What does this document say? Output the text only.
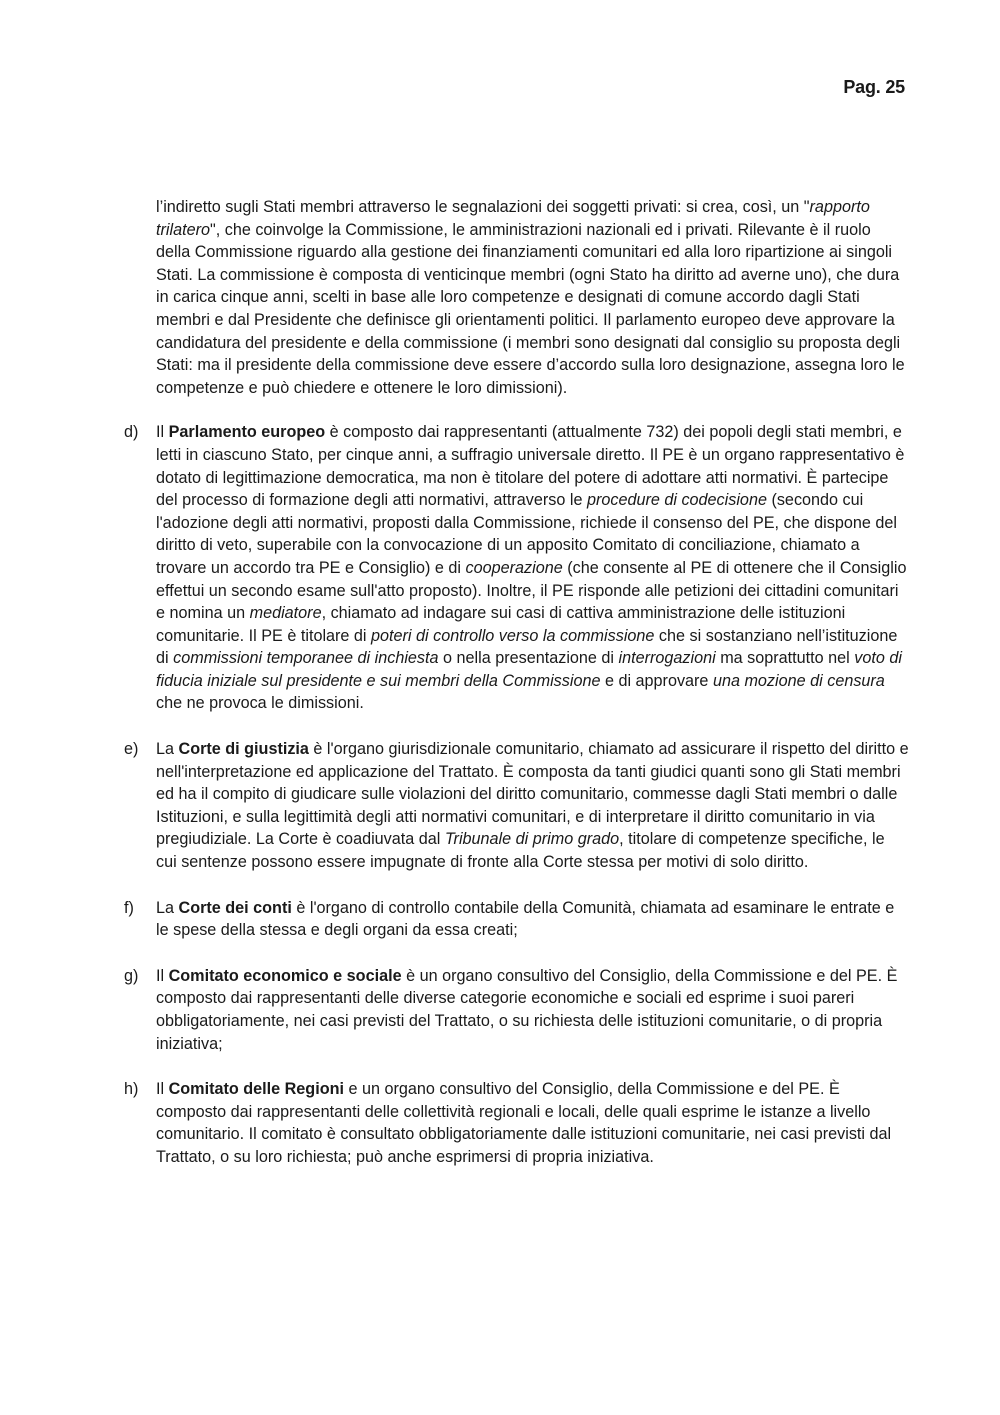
Pag. 25

l’indiretto sugli Stati membri attraverso le segnalazioni dei soggetti privati: si crea, così, un "rapporto trilatero", che coinvolge la Commissione, le amministrazioni nazionali ed i privati. Rilevante è il ruolo della Commissione riguardo alla gestione dei finanziamenti comunitari ed alla loro ripartizione ai singoli Stati. La commissione è composta di venticinque membri (ogni Stato ha diritto ad averne uno), che dura in carica cinque anni, scelti in base alle loro competenze e designati di comune accordo dagli Stati membri e dal Presidente che definisce gli orientamenti politici. Il parlamento europeo deve approvare la candidatura del presidente e della commissione (i membri sono designati dal consiglio su proposta degli Stati: ma il presidente della commissione deve essere d’accordo sulla loro designazione, assegna loro le competenze e può chiedere e ottenere le loro dimissioni).

d) Il Parlamento europeo è composto dai rappresentanti (attualmente 732) dei popoli degli stati membri, e letti in ciascuno Stato, per cinque anni, a suffragio universale diretto. Il PE è un organo rappresentativo è dotato di legittimazione democratica, ma non è titolare del potere di adottare atti normativi. È partecipe del processo di formazione degli atti normativi, attraverso le procedure di codecisione (secondo cui l'adozione degli atti normativi, proposti dalla Commissione, richiede il consenso del PE, che dispone del diritto di veto, superabile con la convocazione di un apposito Comitato di conciliazione, chiamato a trovare un accordo tra PE e Consiglio) e di cooperazione (che consente al PE di ottenere che il Consiglio effettui un secondo esame sull'atto proposto). Inoltre, il PE risponde alle petizioni dei cittadini comunitari e nomina un mediatore, chiamato ad indagare sui casi di cattiva amministrazione delle istituzioni comunitarie. Il PE è titolare di poteri di controllo verso la commissione che si sostanziano nell’istituzione di commissioni temporanee di inchiesta o nella presentazione di interrogazioni ma soprattutto nel voto di fiducia iniziale sul presidente e sui membri della Commissione e di approvare una mozione di censura che ne provoca le dimissioni.

e) La Corte di giustizia è l'organo giurisdizionale comunitario, chiamato ad assicurare il rispetto del diritto e nell'interpretazione ed applicazione del Trattato. È composta da tanti giudici quanti sono gli Stati membri ed ha il compito di giudicare sulle violazioni del diritto comunitario, commesse dagli Stati membri o dalle Istituzioni, e sulla legittimità degli atti normativi comunitari, e di interpretare il diritto comunitario in via pregiudiziale. La Corte è coadiuvata dal Tribunale di primo grado, titolare di competenze specifiche, le cui sentenze possono essere impugnate di fronte alla Corte stessa per motivi di solo diritto.

f) La Corte dei conti è l'organo di controllo contabile della Comunità, chiamata ad esaminare le entrate e le spese della stessa e degli organi da essa creati;

g) Il Comitato economico e sociale è un organo consultivo del Consiglio, della Commissione e del PE. È composto dai rappresentanti delle diverse categorie economiche e sociali ed esprime i suoi pareri obbligatoriamente, nei casi previsti del Trattato, o su richiesta delle istituzioni comunitarie, o di propria iniziativa;

h) Il Comitato delle Regioni e un organo consultivo del Consiglio, della Commissione e del PE. È composto dai rappresentanti delle collettività regionali e locali, delle quali esprime le istanze a livello comunitario. Il comitato è consultato obbligatoriamente dalle istituzioni comunitarie, nei casi previsti dal Trattato, o su loro richiesta; può anche esprimersi di propria iniziativa.
